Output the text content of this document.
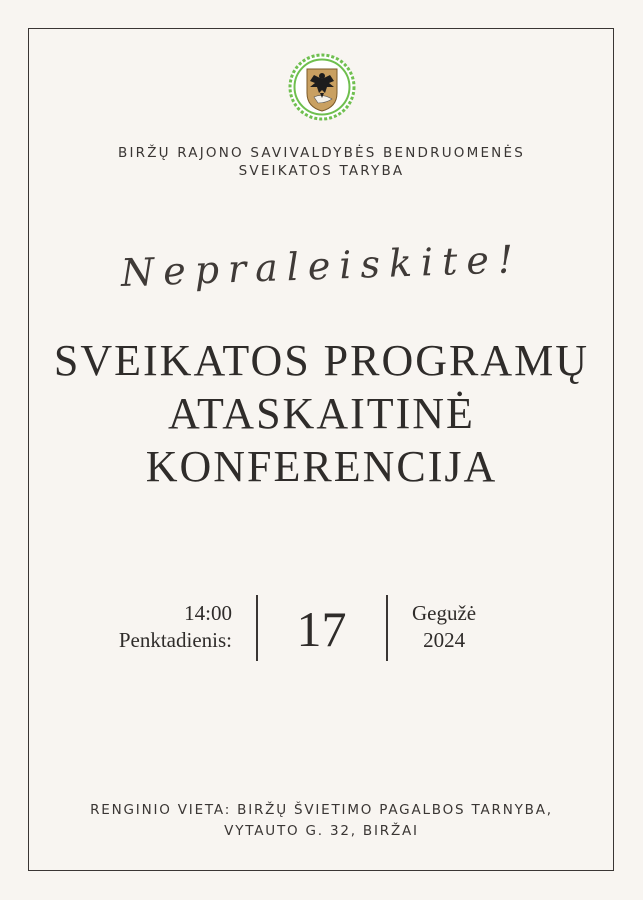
BIRŽŲ RAJONO SAVIVALDYBĖS BENDRUOMENĖS
SVEIKATOS TARYBA
Nepraleiskite!
SVEIKATOS PROGRAMŲ
ATASKAITINĖ
KONFERENCIJA
14:00
Penktadienis:	17	Gegužė
2024
RENGINIO VIETA: BIRŽŲ ŠVIETIMO PAGALBOS TARNYBA,
VYTAUTO G. 32, BIRŽAI
